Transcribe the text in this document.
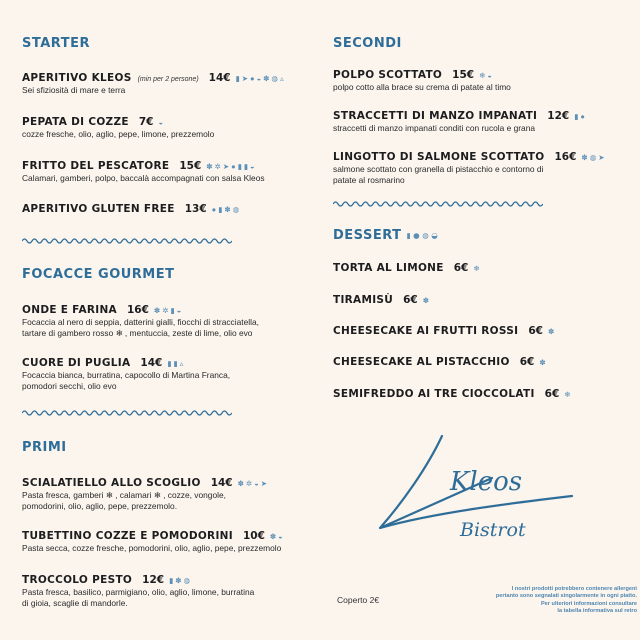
STARTER
APERITIVO KLEOS (min per 2 persone) 14€ ▮ ➤ ● ◒ ✽ ◍ ▵
Sei sfiziosità di mare e terra
PEPATA DI COZZE 7€ ◒
cozze fresche, olio, aglio, pepe, limone, prezzemolo
FRITTO DEL PESCATORE 15€ ✽ ✲ ➤ ● ▮ ▮ ◒
Calamari, gamberi, polpo, baccalà accompagnati con salsa Kleos
APERITIVO GLUTEN FREE 13€ ● ▮ ✽ ◍
FOCACCE GOURMET
ONDE E FARINA 16€ ✽ ✲ ▮ ◒
Focaccia al nero di seppia, datterini gialli, fiocchi di stracciatella,
tartare di gambero rosso ❄ , mentuccia, zeste di lime, olio evo
CUORE DI PUGLIA 14€ ▮ ▮ ▵
Focaccia bianca, burratina, capocollo di Martina Franca,
pomodori secchi, olio evo
PRIMI
SCIALATIELLO ALLO SCOGLIO 14€ ✽ ✲ ◒ ➤
Pasta fresca, gamberi ❄ , calamari ❄ , cozze, vongole,
pomodorini, olio, aglio, pepe, prezzemolo.
TUBETTINO COZZE E POMODORINI 10€ ✽ ◒
Pasta secca, cozze fresche, pomodorini, olio, aglio, pepe, prezzemolo
TROCCOLO PESTO 12€ ▮ ✽ ◍
Pasta fresca, basilico, parmigiano, olio, aglio, limone, burratina
di gioia, scaglie di mandorle.
SECONDI
POLPO SCOTTATO 15€ ❄ ◒
polpo cotto alla brace su crema di patate al timo
STRACCETTI DI MANZO IMPANATI 12€ ▮ ●
straccetti di manzo impanati conditi con rucola e grana
LINGOTTO DI SALMONE SCOTTATO 16€ ✽ ◍ ➤
salmone scottato con granella di pistacchio e contorno di
patate al rosmarino
DESSERT ▮ ● ◍ ◒
TORTA AL LIMONE 6€ ❄
TIRAMISÙ 6€ ✽
CHEESECAKE AI FRUTTI ROSSI 6€ ✽
CHEESECAKE AL PISTACCHIO 6€ ✽
SEMIFREDDO AI TRE CIOCCOLATI 6€ ❄
Kleos
Bistrot
Coperto 2€
I nostri prodotti potrebbero contenere allergeni
pertanto sono segnalati singolarmente in ogni piatto.
Per ulteriori informazioni consultare
la tabella informativa sul retro
